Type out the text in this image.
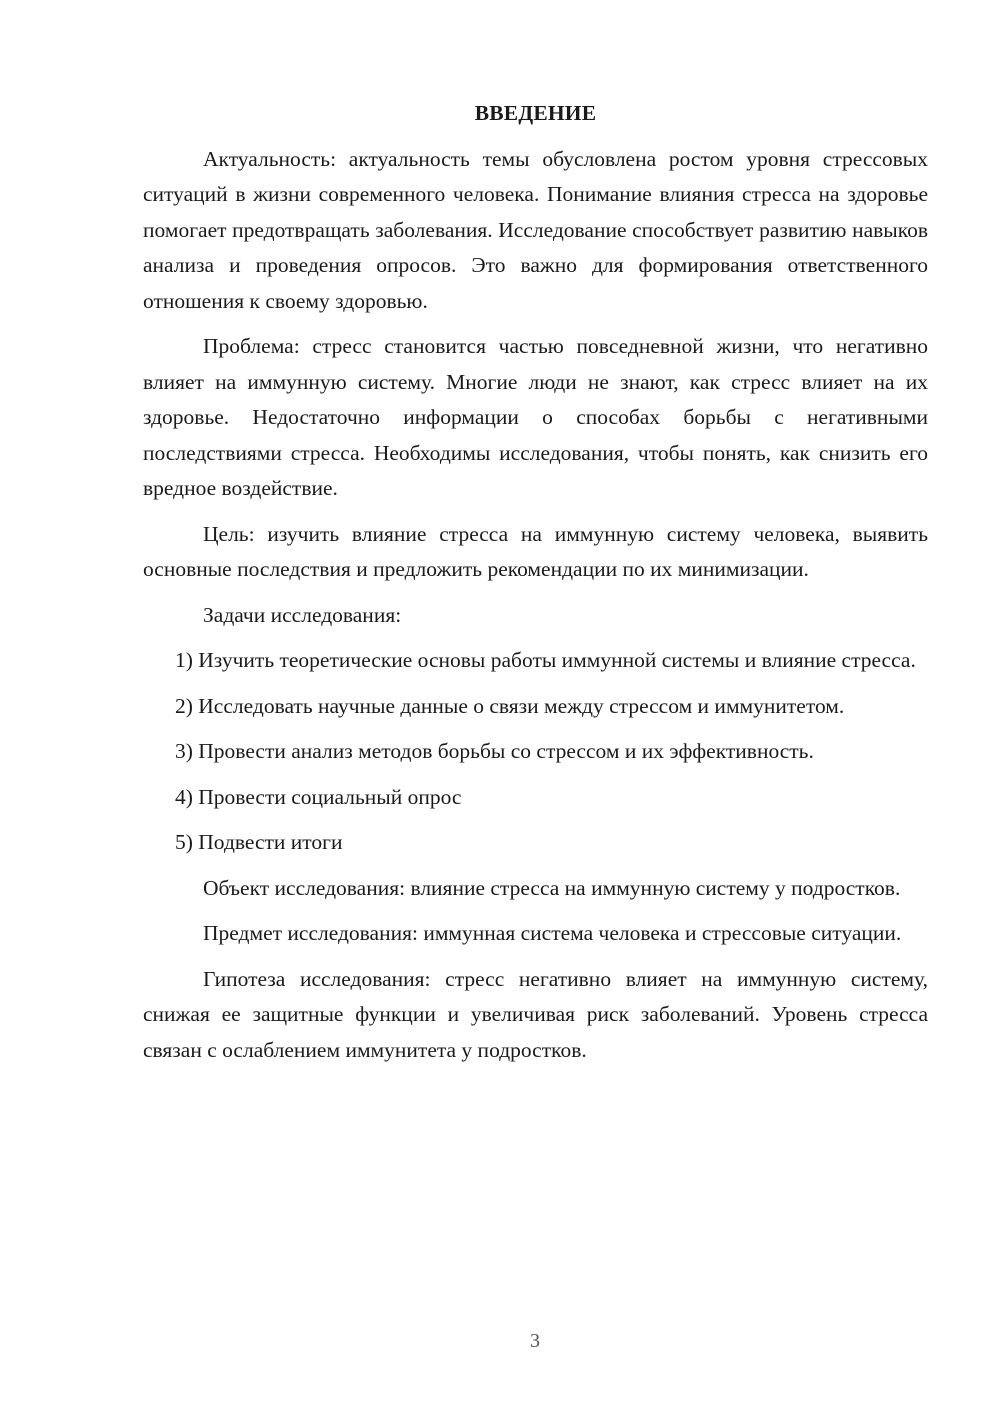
ВВЕДЕНИЕ

Актуальность: актуальность темы обусловлена ростом уровня стрессовых ситуаций в жизни современного человека. Понимание влияния стресса на здоровье помогает предотвращать заболевания. Исследование способствует развитию навыков анализа и проведения опросов. Это важно для формирования ответственного отношения к своему здоровью.

Проблема: стресс становится частью повседневной жизни, что негативно влияет на иммунную систему. Многие люди не знают, как стресс влияет на их здоровье. Недостаточно информации о способах борьбы с негативными последствиями стресса. Необходимы исследования, чтобы понять, как снизить его вредное воздействие.

Цель: изучить влияние стресса на иммунную систему человека, выявить основные последствия и предложить рекомендации по их минимизации.

Задачи исследования:

1) Изучить теоретические основы работы иммунной системы и влияние стресса.

2) Исследовать научные данные о связи между стрессом и иммунитетом.

3) Провести анализ методов борьбы со стрессом и их эффективность.

4) Провести социальный опрос

5) Подвести итоги

Объект исследования: влияние стресса на иммунную систему у подростков.

Предмет исследования: иммунная система человека и стрессовые ситуации.

Гипотеза исследования: стресс негативно влияет на иммунную систему, снижая ее защитные функции и увеличивая риск заболеваний. Уровень стресса связан с ослаблением иммунитета у подростков.

3
